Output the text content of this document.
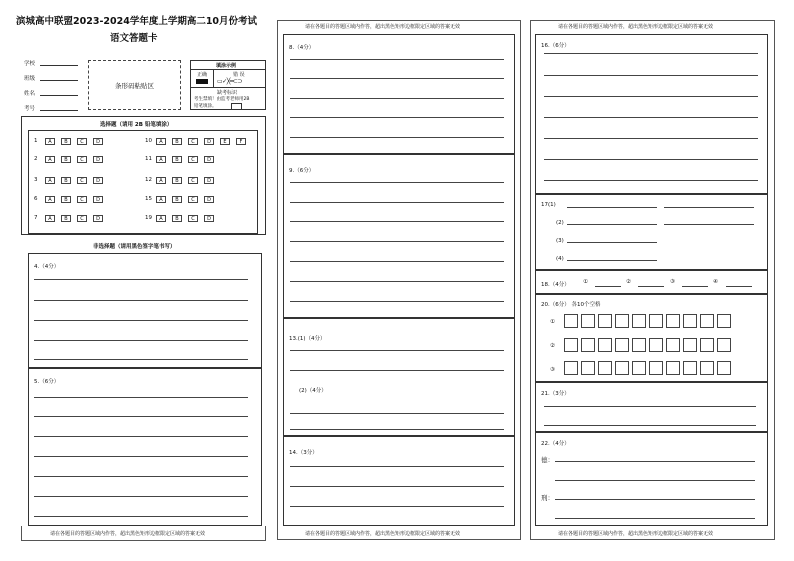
滨城高中联盟2023-2024学年度上学期高二10月份考试
语文答题卡
学校
班级
姓名
考号
条形码粘贴区
填涂示例
正确	错 误
▭✓╳━⊂⊃
缺考标识
考生禁填！由监考老师用2B
铅笔填涂。
选择题（请用 2B 铅笔填涂）
非选择题（请用黑色签字笔书写）
4.（4分）
5.（6分）
请在各题目的答题区域内作答，超出黑色矩形边框限定区域的答案无效
请在各题目的答题区域内作答，超出黑色矩形边框限定区域的答案无效
8.（4分）
9.（6分）
13.(1)（4分）
(2)（4分）
14.（3分）
请在各题目的答题区域内作答，超出黑色矩形边框限定区域的答案无效
请在各题目的答题区域内作答，超出黑色矩形边框限定区域的答案无效
16.（6分）
17.
(1)
(2)
(3)
(4)
18.（4分） ①	②	③	④
20.（6分） 各10个空格
①
②
③
21.（3分）
22.（4分）
德：
刑：
请在各题目的答题区域内作答，超出黑色矩形边框限定区域的答案无效
1	A	B	C	D
2	A	B	C	D
3	A	B	C	D
6	A	B	C	D
7	A	B	C	D
10	A	B	C	D	E	F
11	A	B	C	D
12	A	B	C	D
15	A	B	C	D
19	A	B	C	D
